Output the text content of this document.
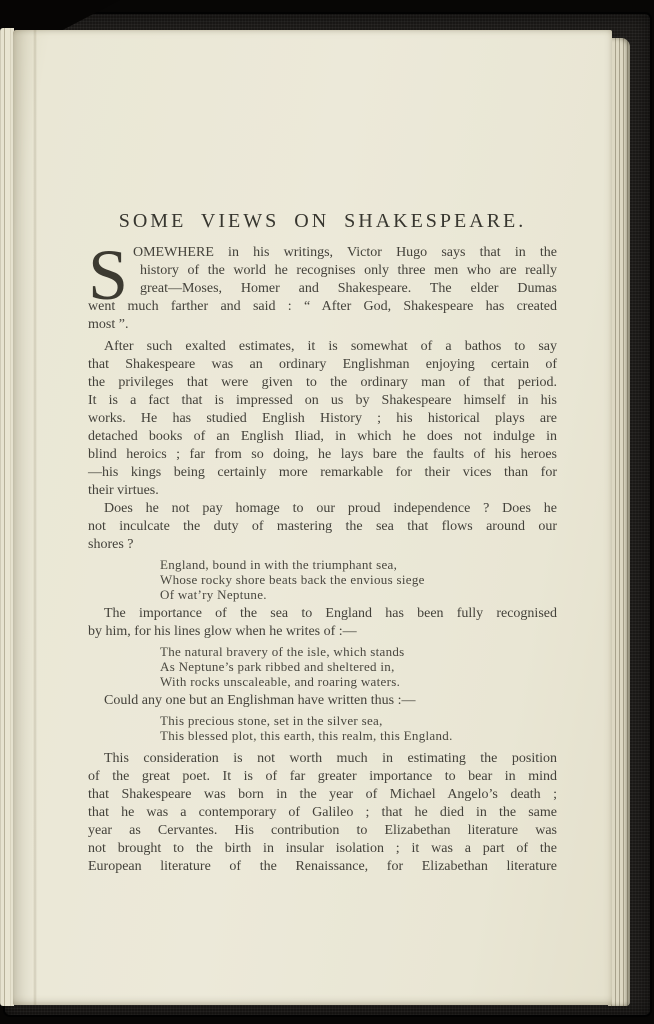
SOME VIEWS ON SHAKESPEARE.
S OMEWHERE in his writings, Victor Hugo says that in the
history of the world he recognises only three men who are really
great—Moses, Homer and Shakespeare. The elder Dumas
went much farther and said : “ After God, Shakespeare has created
most ”.
After such exalted estimates, it is somewhat of a bathos to say
that Shakespeare was an ordinary Englishman enjoying certain of
the privileges that were given to the ordinary man of that period.
It is a fact that is impressed on us by Shakespeare himself in his
works. He has studied English History ; his historical plays are
detached books of an English Iliad, in which he does not indulge in
blind heroics ; far from so doing, he lays bare the faults of his heroes
—his kings being certainly more remarkable for their vices than for
their virtues.
Does he not pay homage to our proud independence ? Does he
not inculcate the duty of mastering the sea that flows around our
shores ?
England, bound in with the triumphant sea,
Whose rocky shore beats back the envious siege
Of wat’ry Neptune.
The importance of the sea to England has been fully recognised
by him, for his lines glow when he writes of :—
The natural bravery of the isle, which stands
As Neptune’s park ribbed and sheltered in,
With rocks unscaleable, and roaring waters.
Could any one but an Englishman have written thus :—
This precious stone, set in the silver sea,
This blessed plot, this earth, this realm, this England.
This consideration is not worth much in estimating the position
of the great poet. It is of far greater importance to bear in mind
that Shakespeare was born in the year of Michael Angelo’s death ;
that he was a contemporary of Galileo ; that he died in the same
year as Cervantes. His contribution to Elizabethan literature was
not brought to the birth in insular isolation ; it was a part of the
European literature of the Renaissance, for Elizabethan literature
